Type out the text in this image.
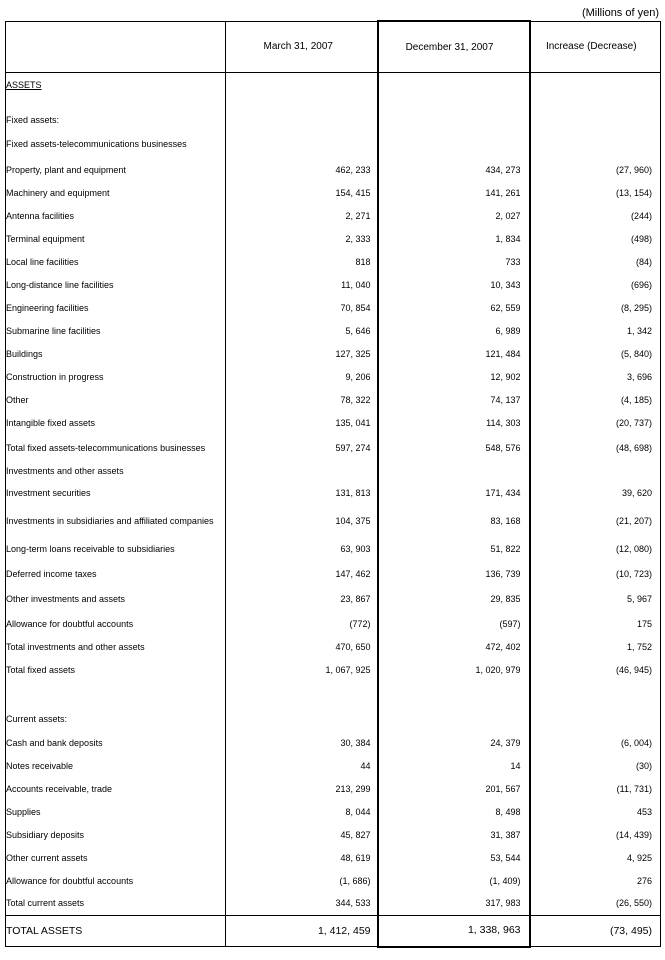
(Millions of yen)
	March 31, 2007	December 31, 2007	Increase (Decrease)
ASSETS			

Fixed assets:			
Fixed assets-telecommunications businesses			
Property, plant and equipment	462, 233	434, 273	(27, 960)
Machinery and equipment	154, 415	141, 261	(13, 154)
Antenna facilities	2, 271	2, 027	(244)
Terminal equipment	2, 333	1, 834	(498)
Local line facilities	818	733	(84)
Long-distance line facilities	11, 040	10, 343	(696)
Engineering facilities	70, 854	62, 559	(8, 295)
Submarine line facilities	5, 646	6, 989	1, 342
Buildings	127, 325	121, 484	(5, 840)
Construction in progress	9, 206	12, 902	3, 696
Other	78, 322	74, 137	(4, 185)
Intangible fixed assets	135, 041	114, 303	(20, 737)
Total fixed assets-telecommunications businesses	597, 274	548, 576	(48, 698)
Investments and other assets			
Investment securities	131, 813	171, 434	39, 620
Investments in subsidiaries and affiliated companies	104, 375	83, 168	(21, 207)
Long-term loans receivable to subsidiaries	63, 903	51, 822	(12, 080)
Deferred income taxes	147, 462	136, 739	(10, 723)
Other investments and assets	23, 867	29, 835	5, 967
Allowance for doubtful accounts	(772)	(597)	175
Total investments and other assets	470, 650	472, 402	1, 752
Total fixed assets	1, 067, 925	1, 020, 979	(46, 945)

Current assets:			
Cash and bank deposits	30, 384	24, 379	(6, 004)
Notes receivable	44	14	(30)
Accounts receivable, trade	213, 299	201, 567	(11, 731)
Supplies	8, 044	8, 498	453
Subsidiary deposits	45, 827	31, 387	(14, 439)
Other current assets	48, 619	53, 544	4, 925
Allowance for doubtful accounts	(1, 686)	(1, 409)	276
Total current assets	344, 533	317, 983	(26, 550)
TOTAL ASSETS	1, 412, 459	1, 338, 963	(73, 495)
